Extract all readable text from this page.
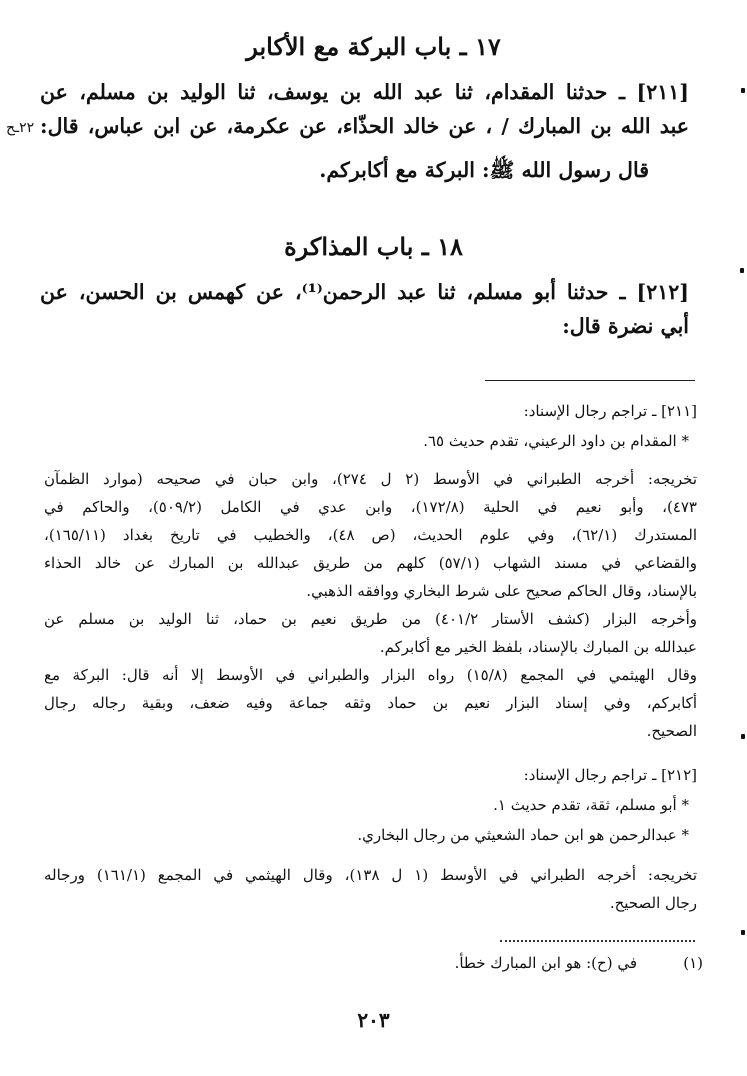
١٧ ـ باب البركة مع الأكابر
[٢١١] ـ حدثنا المقدام، ثنا عبد الله بن يوسف، ثنا الوليد بن مسلم، عن
عبد الله بن المبارك / ، عن خالد الحذّاء، عن عكرمة، عن ابن عباس، قال:
قال رسول الله ﷺ: البركة مع أكابركم.
٢٢ـح
١٨ ـ باب المذاكرة
[٢١٢] ـ حدثنا أبو مسلم، ثنا عبد الرحمن⁽¹⁾، عن كهمس بن الحسن، عن
أبي نضرة قال:
[٢١١] ـ تراجم رجال الإسناد:
* المقدام بن داود الرعيني، تقدم حديث ٦٥.
تخريجه: أخرجه الطبراني في الأوسط (٢ ل ٢٧٤)، وابن حبان في صحيحه (موارد الظمآن
٤٧٣)، وأبو نعيم في الحلية (١٧٢/٨)، وابن عدي في الكامل (٥٠٩/٢)، والحاكم في
المستدرك (٦٢/١)، وفي علوم الحديث، (ص ٤٨)، والخطيب في تاريخ بغداد (١٦٥/١١)،
والقضاعي في مسند الشهاب (٥٧/١) كلهم من طريق عبدالله بن المبارك عن خالد الحذاء
بالإسناد، وقال الحاكم صحيح على شرط البخاري ووافقه الذهبي.
وأخرجه البزار (كشف الأستار ٤٠١/٢) من طريق نعيم بن حماد، ثنا الوليد بن مسلم عن
عبدالله بن المبارك بالإسناد، بلفظ الخير مع أكابركم.
وقال الهيثمي في المجمع (١٥/٨) رواه البزار والطبراني في الأوسط إلا أنه قال: البركة مع
أكابركم، وفي إسناد البزار نعيم بن حماد وثقه جماعة وفيه ضعف، وبقية رجاله رجال
الصحيح.
[٢١٢] ـ تراجم رجال الإسناد:
* أبو مسلم، ثقة، تقدم حديث ١.
* عبدالرحمن هو ابن حماد الشعيثي من رجال البخاري.
تخريجه: أخرجه الطبراني في الأوسط (١ ل ١٣٨)، وقال الهيثمي في المجمع (١٦١/١) ورجاله
رجال الصحيح.
(١)
في (ح): هو ابن المبارك خطأ.
٢٠٣
